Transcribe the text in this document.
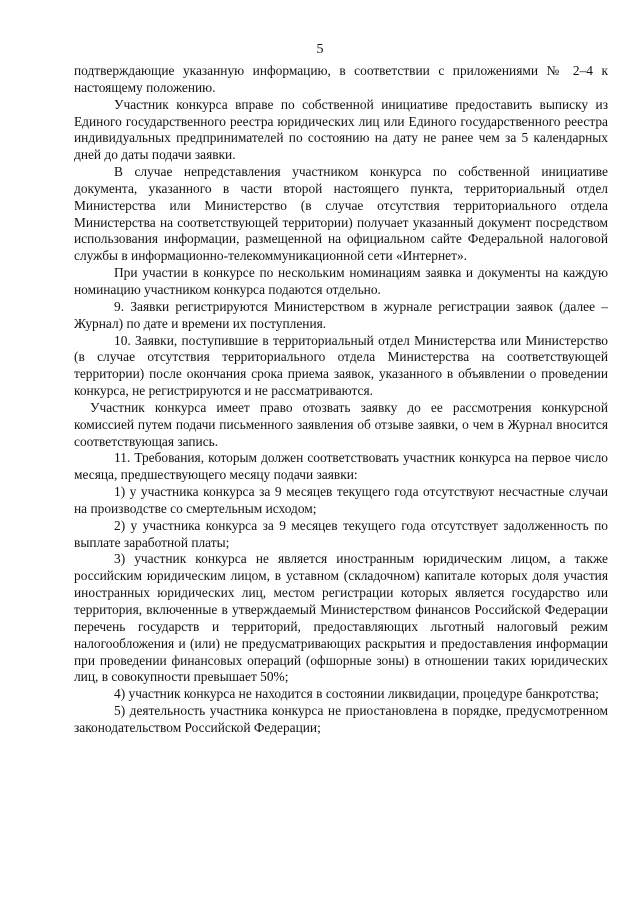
5

подтверждающие указанную информацию, в соответствии с приложениями № 2–4 к настоящему положению.

Участник конкурса вправе по собственной инициативе предоставить выписку из Единого государственного реестра юридических лиц или Единого государственного реестра индивидуальных предпринимателей по состоянию на дату не ранее чем за 5 календарных дней до даты подачи заявки.

В случае непредставления участником конкурса по собственной инициативе документа, указанного в части второй настоящего пункта, территориальный отдел Министерства или Министерство (в случае отсутствия территориального отдела Министерства на соответствующей территории) получает указанный документ посредством использования информации, размещенной на официальном сайте Федеральной налоговой службы в информационно-телекоммуникационной сети «Интернет».

При участии в конкурсе по нескольким номинациям заявка и документы на каждую номинацию участником конкурса подаются отдельно.

9. Заявки регистрируются Министерством в журнале регистрации заявок (далее – Журнал) по дате и времени их поступления.

10. Заявки, поступившие в территориальный отдел Министерства или Министерство (в случае отсутствия территориального отдела Министерства на соответствующей территории) после окончания срока приема заявок, указанного в объявлении о проведении конкурса, не регистрируются и не рассматриваются.

Участник конкурса имеет право отозвать заявку до ее рассмотрения конкурсной комиссией путем подачи письменного заявления об отзыве заявки, о чем в Журнал вносится соответствующая запись.

11. Требования, которым должен соответствовать участник конкурса на первое число месяца, предшествующего месяцу подачи заявки:

1) у участника конкурса за 9 месяцев текущего года отсутствуют несчастные случаи на производстве со смертельным исходом;

2) у участника конкурса за 9 месяцев текущего года отсутствует задолженность по выплате заработной платы;

3) участник конкурса не является иностранным юридическим лицом, а также российским юридическим лицом, в уставном (складочном) капитале которых доля участия иностранных юридических лиц, местом регистрации которых является государство или территория, включенные в утверждаемый Министерством финансов Российской Федерации перечень государств и территорий, предоставляющих льготный налоговый режим налогообложения и (или) не предусматривающих раскрытия и предоставления информации при проведении финансовых операций (офшорные зоны) в отношении таких юридических лиц, в совокупности превышает 50%;

4) участник конкурса не находится в состоянии ликвидации, процедуре банкротства;

5) деятельность участника конкурса не приостановлена в порядке, предусмотренном законодательством Российской Федерации;
